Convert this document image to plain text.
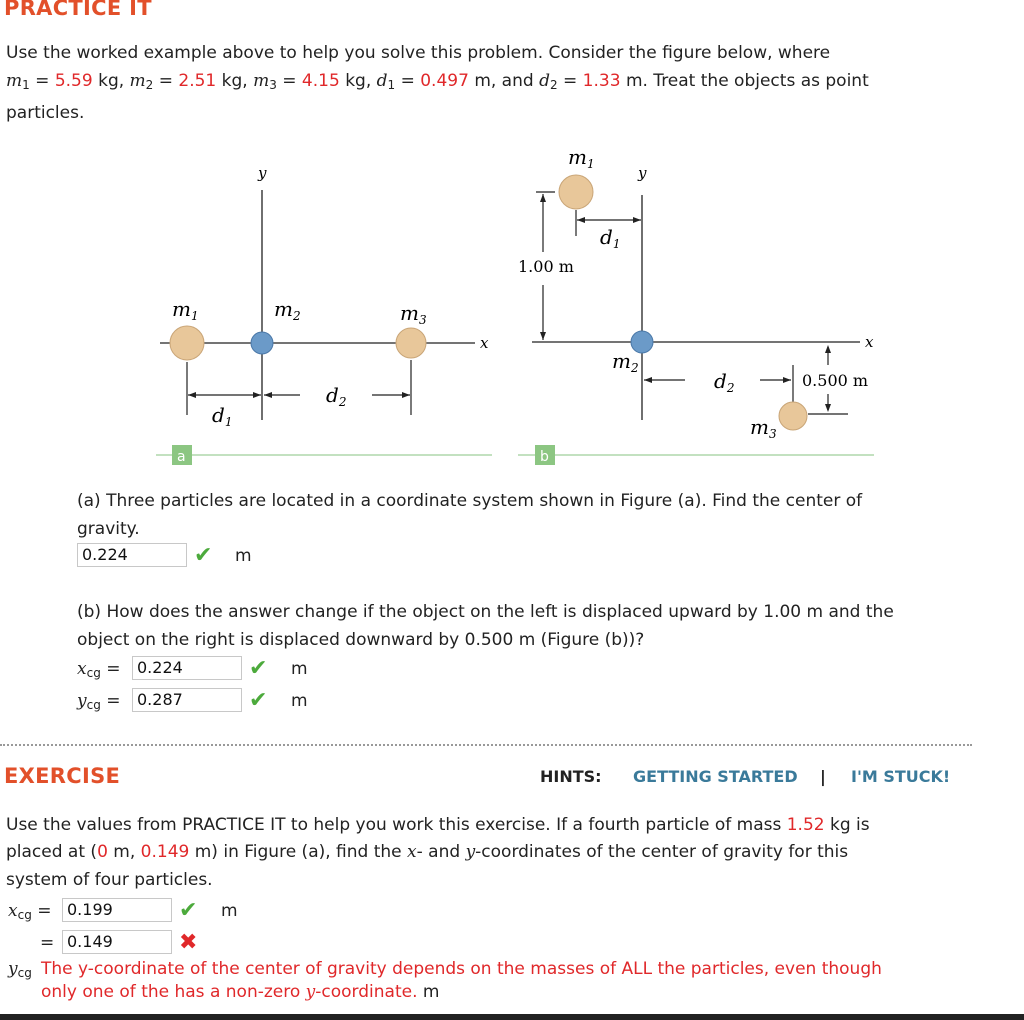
PRACTICE IT
Use the worked example above to help you solve this problem. Consider the figure below, where
$m_1 = 5.59$ kg, $m_2 = 2.51$ kg, $m_3 = 4.15$ kg, $d_1 = 0.497$ m, and $d_2 = 1.33$ m. Treat the objects as point
particles.
y
x
$m_1$	$m_2$	$m_3$
$d_1$
$d_2$
a
y
x
$m_1$
1.00 m
$d_1$
$m_2$
$d_2$	0.500 m
$m_3$
b
(a) Three particles are located in a coordinate system shown in Figure (a). Find the center of
gravity.
0.224	✔ m
(b) How does the answer change if the object on the left is displaced upward by 1.00 m and the
object on the right is displaced downward by 0.500 m (Figure (b))?
$x_{cg}$ =	0.224	✔ m
$y_{cg}$ =	0.287	✔ m
EXERCISE	HINTS: GETTING STARTED | I'M STUCK!
Use the values from PRACTICE IT to help you work this exercise. If a fourth particle of mass 1.52 kg is
placed at (0 m, 0.149 m) in Figure (a), find the x- and y-coordinates of the center of gravity for this
system of four particles.
$x_{cg} = 0.199$	✔ m
= 0.149	✖
$y_{cg}$ The y-coordinate of the center of gravity depends on the masses of ALL the particles, even though
only one of the has a non-zero y-coordinate. m
